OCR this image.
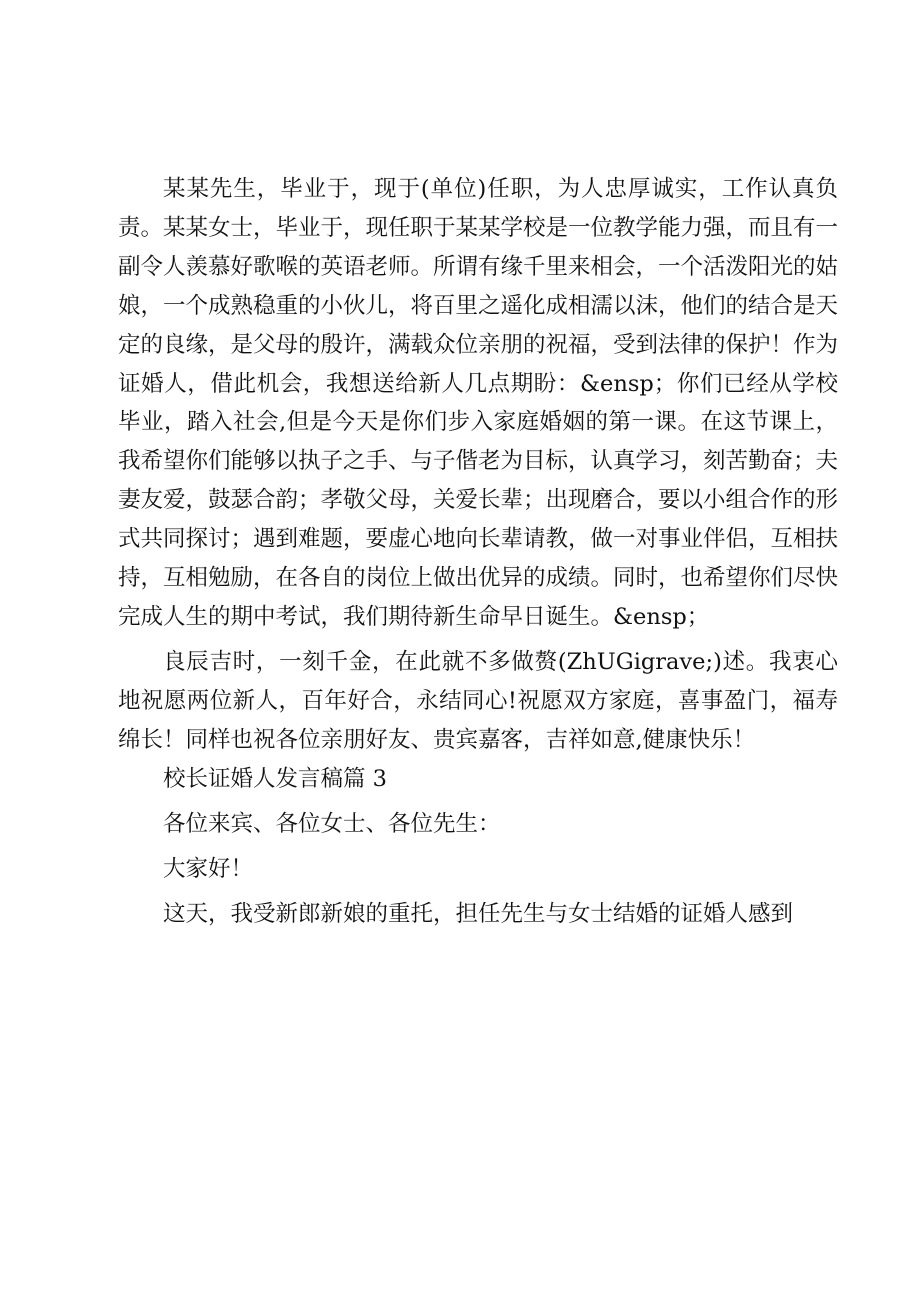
某某先生，毕业于，现于(单位)任职，为人忠厚诚实，工作认真负责。某某女士，毕业于，现任职于某某学校是一位教学能力强，而且有一副令人羡慕好歌喉的英语老师。所谓有缘千里来相会，一个活泼阳光的姑娘，一个成熟稳重的小伙儿，将百里之遥化成相濡以沫，他们的结合是天定的良缘，是父母的殷许，满载众位亲朋的祝福，受到法律的保护！作为证婚人，借此机会，我想送给新人几点期盼：&ensp；你们已经从学校毕业，踏入社会,但是今天是你们步入家庭婚姻的第一课。在这节课上，我希望你们能够以执子之手、与子偕老为目标，认真学习，刻苦勤奋；夫妻友爱，鼓瑟合韵；孝敬父母，关爱长辈；出现磨合，要以小组合作的形式共同探讨；遇到难题，要虚心地向长辈请教，做一对事业伴侣，互相扶持，互相勉励，在各自的岗位上做出优异的成绩。同时，也希望你们尽快完成人生的期中考试，我们期待新生命早日诞生。&ensp；

良辰吉时，一刻千金，在此就不多做赘(ZhUGigrave;)述。我衷心地祝愿两位新人，百年好合，永结同心!祝愿双方家庭，喜事盈门，福寿绵长！同样也祝各位亲朋好友、贵宾嘉客，吉祥如意,健康快乐！

校长证婚人发言稿篇 3

各位来宾、各位女士、各位先生：

大家好！

这天，我受新郎新娘的重托，担任先生与女士结婚的证婚人感到
